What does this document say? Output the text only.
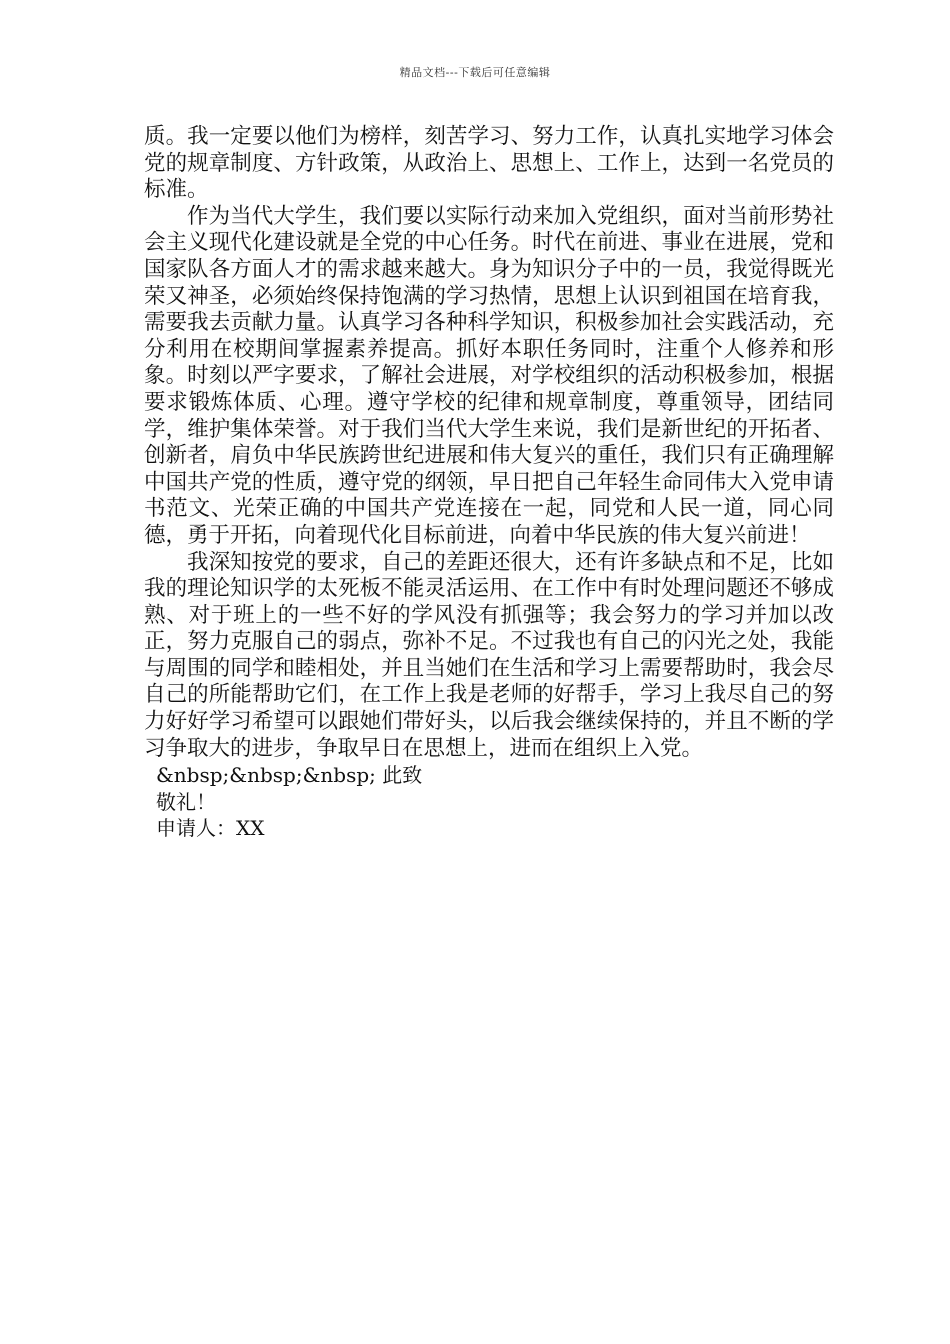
精品文档---下载后可任意编辑

质。我一定要以他们为榜样，刻苦学习、努力工作，认真扎实地学习体会党的规章制度、方针政策，从政治上、思想上、工作上，达到一名党员的标准。

作为当代大学生，我们要以实际行动来加入党组织，面对当前形势社会主义现代化建设就是全党的中心任务。时代在前进、事业在进展，党和国家队各方面人才的需求越来越大。身为知识分子中的一员，我觉得既光荣又神圣，必须始终保持饱满的学习热情，思想上认识到祖国在培育我，需要我去贡献力量。认真学习各种科学知识，积极参加社会实践活动，充分利用在校期间掌握素养提高。抓好本职任务同时，注重个人修养和形象。时刻以严字要求，了解社会进展，对学校组织的活动积极参加，根据要求锻炼体质、心理。遵守学校的纪律和规章制度，尊重领导，团结同学，维护集体荣誉。对于我们当代大学生来说，我们是新世纪的开拓者、创新者，肩负中华民族跨世纪进展和伟大复兴的重任，我们只有正确理解中国共产党的性质，遵守党的纲领，早日把自己年轻生命同伟大入党申请书范文、光荣正确的中国共产党连接在一起，同党和人民一道，同心同德，勇于开拓，向着现代化目标前进，向着中华民族的伟大复兴前进！

我深知按党的要求，自己的差距还很大，还有许多缺点和不足，比如我的理论知识学的太死板不能灵活运用、在工作中有时处理问题还不够成熟、对于班上的一些不好的学风没有抓强等；我会努力的学习并加以改正，努力克服自己的弱点，弥补不足。不过我也有自己的闪光之处，我能与周围的同学和睦相处，并且当她们在生活和学习上需要帮助时，我会尽自己的所能帮助它们，在工作上我是老师的好帮手，学习上我尽自己的努力好好学习希望可以跟她们带好头，以后我会继续保持的，并且不断的学习争取大的进步，争取早日在思想上，进而在组织上入党。

&nbsp;&nbsp;&nbsp; 此致

敬礼！

申请人：XX
